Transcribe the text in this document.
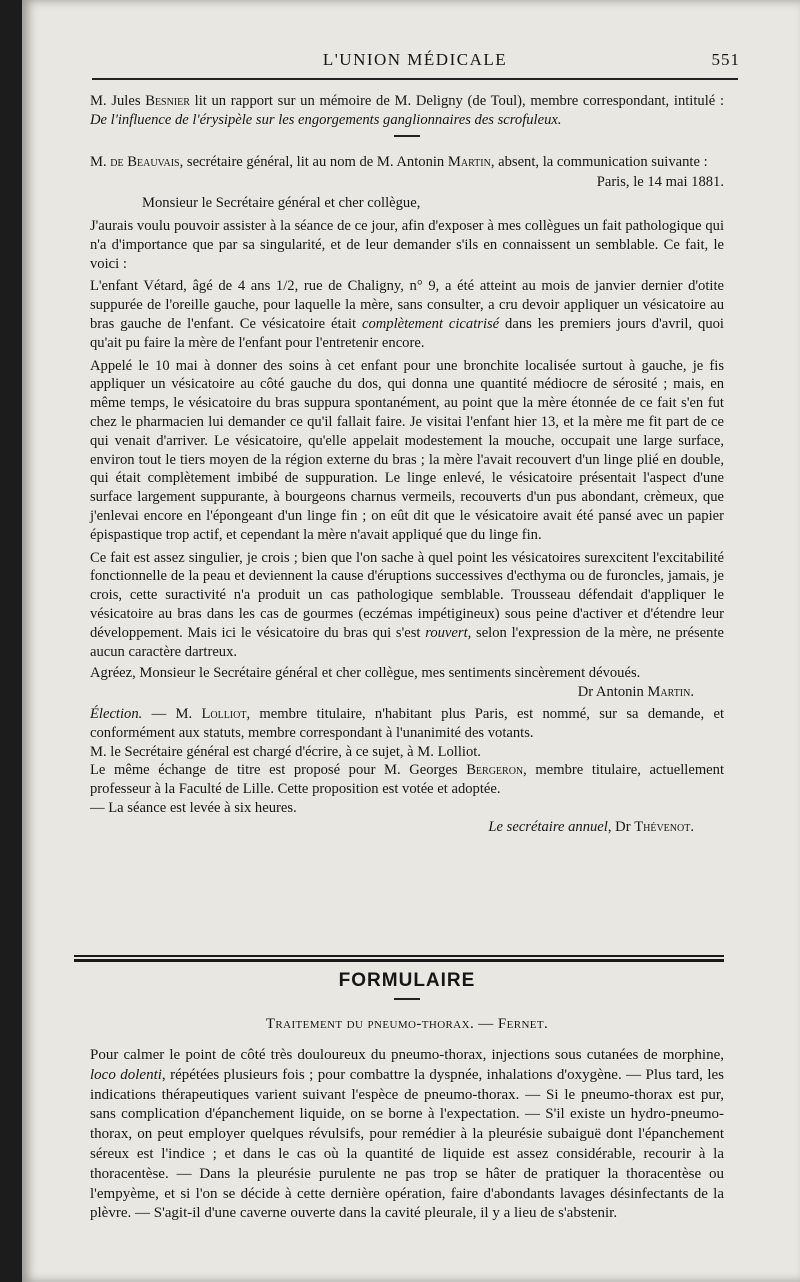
L'UNION MÉDICALE	551

M. Jules Besnier lit un rapport sur un mémoire de M. Deligny (de Toul), membre correspondant, intitulé : De l'influence de l'érysipèle sur les engorgements ganglionnaires des scrofuleux.

M. de Beauvais, secrétaire général, lit au nom de M. Antonin Martin, absent, la communication suivante :

Paris, le 14 mai 1881.

Monsieur le Secrétaire général et cher collègue,

J'aurais voulu pouvoir assister à la séance de ce jour, afin d'exposer à mes collègues un fait pathologique qui n'a d'importance que par sa singularité, et de leur demander s'ils en connaissent un semblable. Ce fait, le voici :

L'enfant Vétard, âgé de 4 ans 1/2, rue de Chaligny, n° 9, a été atteint au mois de janvier dernier d'otite suppurée de l'oreille gauche, pour laquelle la mère, sans consulter, a cru devoir appliquer un vésicatoire au bras gauche de l'enfant. Ce vésicatoire était complètement cicatrisé dans les premiers jours d'avril, quoi qu'ait pu faire la mère de l'enfant pour l'entretenir encore.

Appelé le 10 mai à donner des soins à cet enfant pour une bronchite localisée surtout à gauche, je fis appliquer un vésicatoire au côté gauche du dos, qui donna une quantité médiocre de sérosité ; mais, en même temps, le vésicatoire du bras suppura spontanément, au point que la mère étonnée de ce fait s'en fut chez le pharmacien lui demander ce qu'il fallait faire. Je visitai l'enfant hier 13, et la mère me fit part de ce qui venait d'arriver. Le vésicatoire, qu'elle appelait modestement la mouche, occupait une large surface, environ tout le tiers moyen de la région externe du bras ; la mère l'avait recouvert d'un linge plié en double, qui était complètement imbibé de suppuration. Le linge enlevé, le vésicatoire présentait l'aspect d'une surface largement suppurante, à bourgeons charnus vermeils, recouverts d'un pus abondant, crèmeux, que j'enlevai encore en l'épongeant d'un linge fin ; on eût dit que le vésicatoire avait été pansé avec un papier épispastique trop actif, et cependant la mère n'avait appliqué que du linge fin.

Ce fait est assez singulier, je crois ; bien que l'on sache à quel point les vésicatoires surexcitent l'excitabilité fonctionnelle de la peau et deviennent la cause d'éruptions successives d'ecthyma ou de furoncles, jamais, je crois, cette suractivité n'a produit un cas pathologique semblable. Trousseau défendait d'appliquer le vésicatoire au bras dans les cas de gourmes (eczémas impétigineux) sous peine d'activer et d'étendre leur développement. Mais ici le vésicatoire du bras qui s'est rouvert, selon l'expression de la mère, ne présente aucun caractère dartreux.

Agréez, Monsieur le Secrétaire général et cher collègue, mes sentiments sincèrement dévoués.

Dr Antonin Martin.

Élection. — M. Lolliot, membre titulaire, n'habitant plus Paris, est nommé, sur sa demande, et conformément aux statuts, membre correspondant à l'unanimité des votants.

M. le Secrétaire général est chargé d'écrire, à ce sujet, à M. Lolliot.

Le même échange de titre est proposé pour M. Georges Bergeron, membre titulaire, actuellement professeur à la Faculté de Lille. Cette proposition est votée et adoptée.

— La séance est levée à six heures.

Le secrétaire annuel, Dr Thévenot.

FORMULAIRE
Traitement du pneumo-thorax. — Fernet.

Pour calmer le point de côté très douloureux du pneumo-thorax, injections sous cutanées de morphine, loco dolenti, répétées plusieurs fois ; pour combattre la dyspnée, inhalations d'oxygène. — Plus tard, les indications thérapeutiques varient suivant l'espèce de pneumo-thorax. — Si le pneumo-thorax est pur, sans complication d'épanchement liquide, on se borne à l'expectation. — S'il existe un hydro-pneumo-thorax, on peut employer quelques révulsifs, pour remédier à la pleurésie subaiguë dont l'épanchement séreux est l'indice ; et dans le cas où la quantité de liquide est assez considérable, recourir à la thoracentèse. — Dans la pleurésie purulente ne pas trop se hâter de pratiquer la thoracentèse ou l'empyème, et si l'on se décide à cette dernière opération, faire d'abondants lavages désinfectants de la plèvre. — S'agit-il d'une caverne ouverte dans la cavité pleurale, il y a lieu de s'abstenir.
